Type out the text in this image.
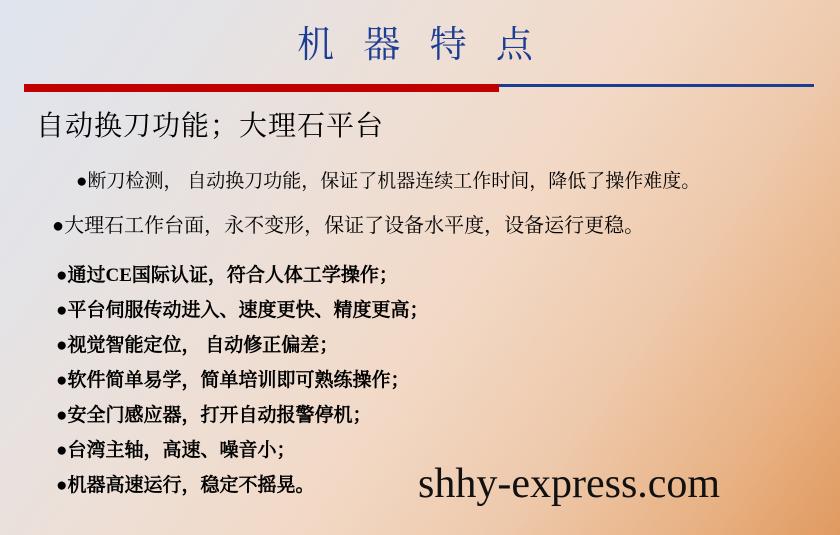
机 器 特 点
自动换刀功能；大理石平台
●断刀检测， 自动换刀功能，保证了机器连续工作时间，降低了操作难度。
●大理石工作台面，永不变形，保证了设备水平度，设备运行更稳。
●通过CE国际认证，符合人体工学操作；
●平台伺服传动进入、速度更快、精度更高；
●视觉智能定位， 自动修正偏差；
●软件简单易学，简单培训即可熟练操作；
●安全门感应器，打开自动报警停机；
●台湾主轴，高速、噪音小；
●机器高速运行，稳定不摇晃。	shhy-express.com
